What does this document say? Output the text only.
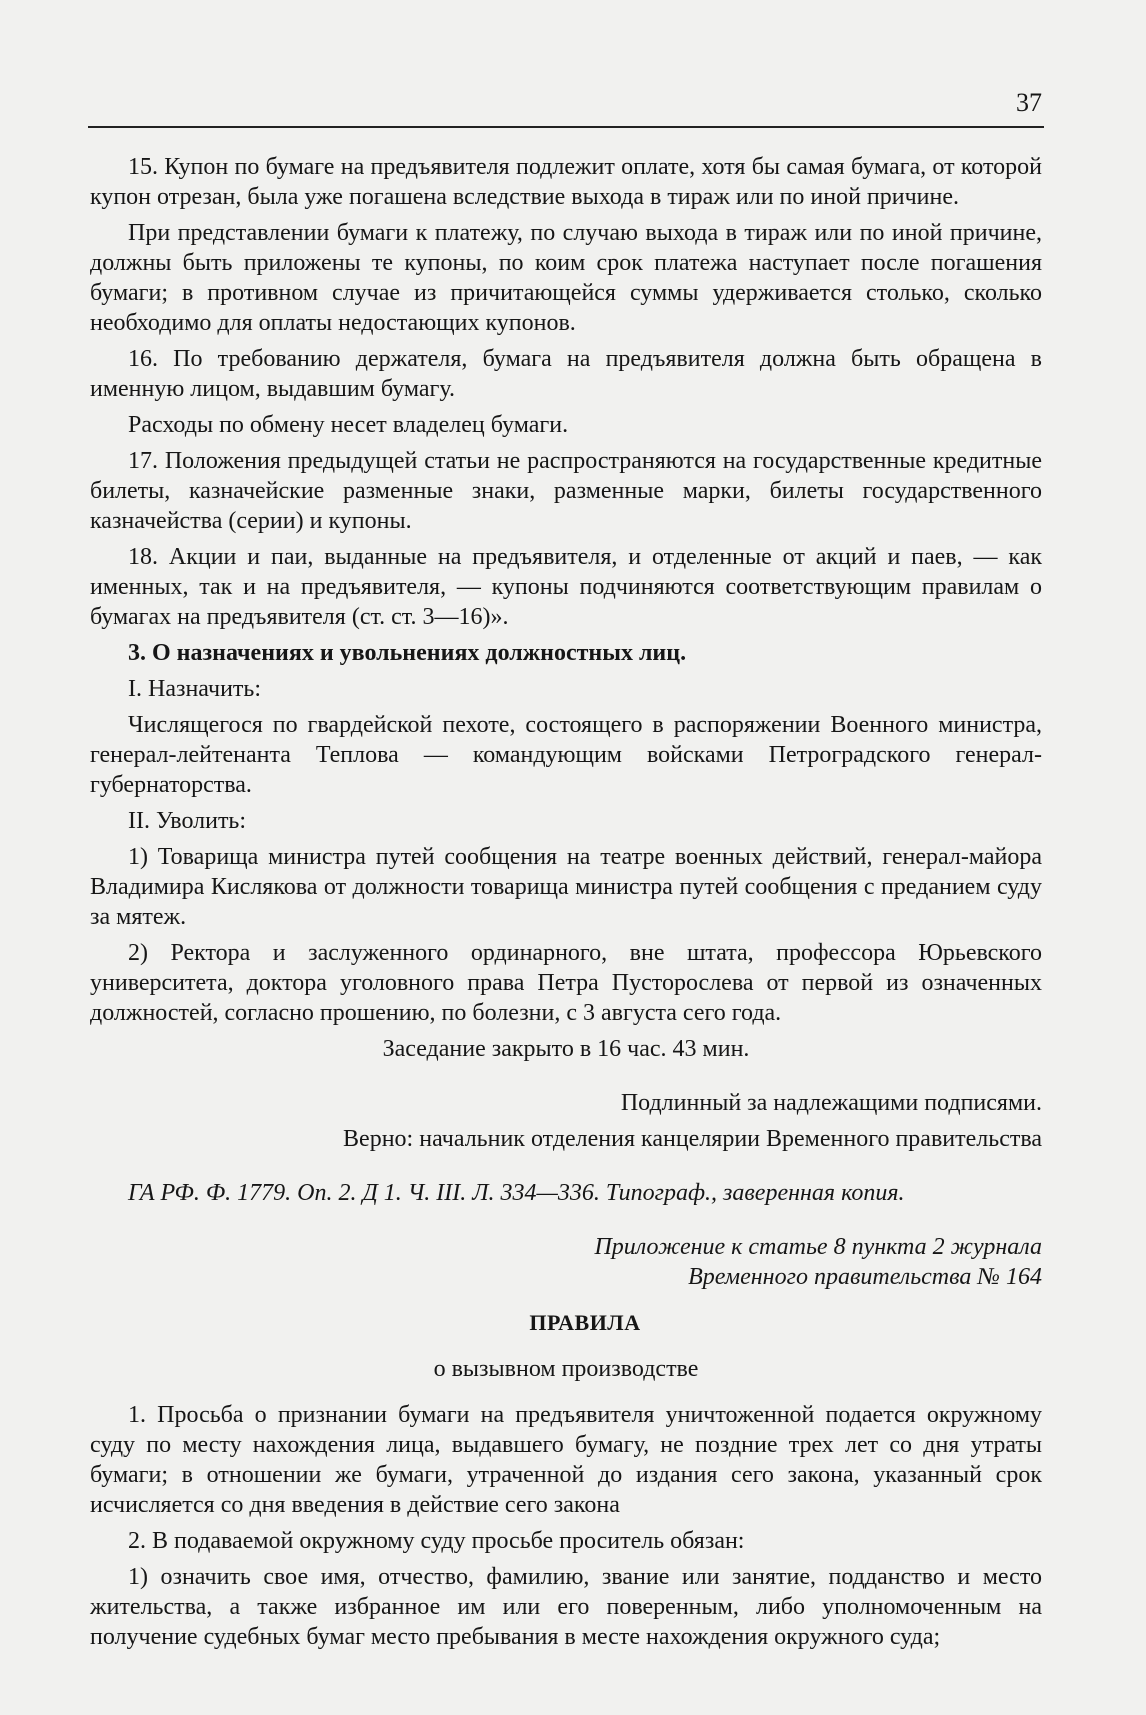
37

15. Купон по бумаге на предъявителя подлежит оплате, хотя бы самая бумага, от которой купон отрезан, была уже погашена вследствие выхода в тираж или по иной причине.

При представлении бумаги к платежу, по случаю выхода в тираж или по иной причине, должны быть приложены те купоны, по коим срок платежа наступает после погашения бумаги; в противном случае из причитающейся суммы удерживается столько, сколько необходимо для оплаты недостающих купонов.

16. По требованию держателя, бумага на предъявителя должна быть обращена в именную лицом, выдавшим бумагу.

Расходы по обмену несет владелец бумаги.

17. Положения предыдущей статьи не распространяются на государственные кредитные билеты, казначейские разменные знаки, разменные марки, билеты государственного казначейства (серии) и купоны.

18. Акции и паи, выданные на предъявителя, и отделенные от акций и паев, — как именных, так и на предъявителя, — купоны подчиняются соответствующим правилам о бумагах на предъявителя (ст. ст. 3—16)».

3. О назначениях и увольнениях должностных лиц.

I. Назначить:

Числящегося по гвардейской пехоте, состоящего в распоряжении Военного министра, генерал-лейтенанта Теплова — командующим войсками Петроградского генерал-губернаторства.

II. Уволить:

1) Товарища министра путей сообщения на театре военных действий, генерал-майора Владимира Кислякова от должности товарища министра путей сообщения с преданием суду за мятеж.

2) Ректора и заслуженного ординарного, вне штата, профессора Юрьевского университета, доктора уголовного права Петра Пусторослева от первой из означенных должностей, согласно прошению, по болезни, с 3 августа сего года.

Заседание закрыто в 16 час. 43 мин.

Подлинный за надлежащими подписями.

Верно: начальник отделения канцелярии Временного правительства

ГА РФ. Ф. 1779. Оп. 2. Д 1. Ч. III. Л. 334—336. Типограф., заверенная копия.

Приложение к статье 8 пункта 2 журнала

Временного правительства № 164

ПРАВИЛА

о вызывном производстве

1. Просьба о признании бумаги на предъявителя уничтоженной подается окружному суду по месту нахождения лица, выдавшего бумагу, не поздние трех лет со дня утраты бумаги; в отношении же бумаги, утраченной до издания сего закона, указанный срок исчисляется со дня введения в действие сего закона

2. В подаваемой окружному суду просьбе проситель обязан:

1) означить свое имя, отчество, фамилию, звание или занятие, подданство и место жительства, а также избранное им или его поверенным, либо уполномоченным на получение судебных бумаг место пребывания в месте нахождения окружного суда;
